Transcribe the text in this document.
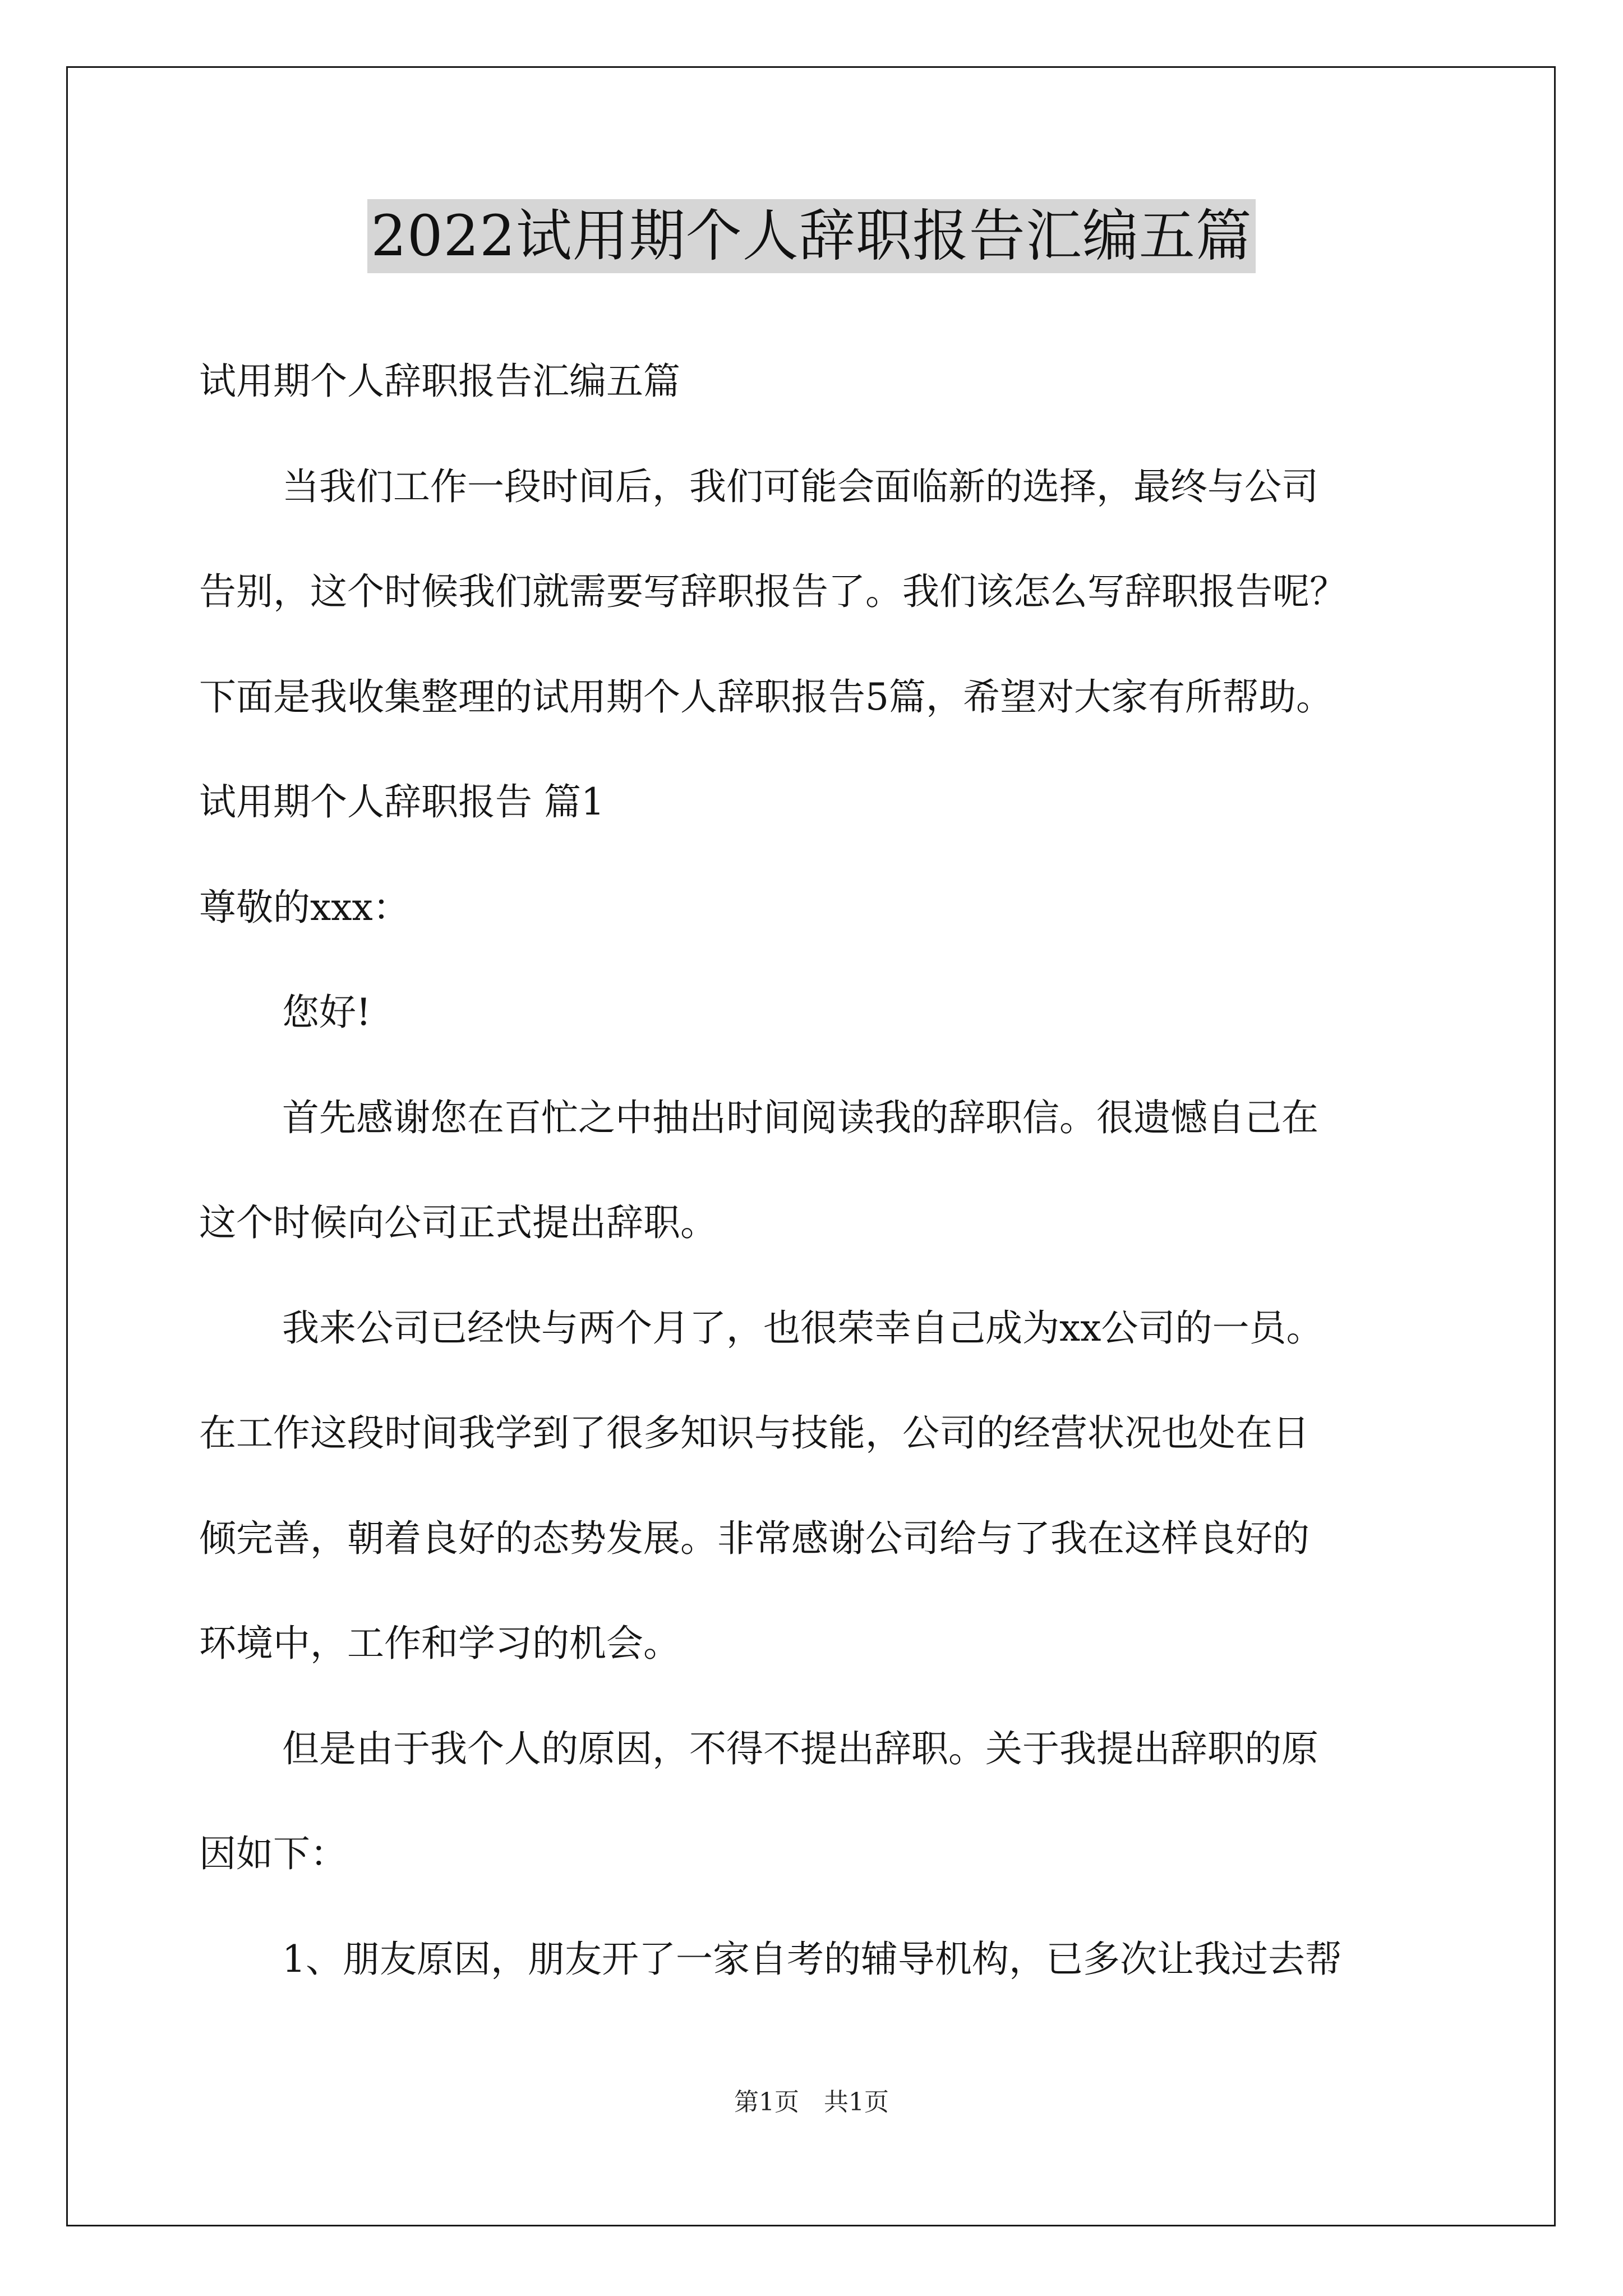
2022试用期个人辞职报告汇编五篇
试用期个人辞职报告汇编五篇
当我们工作一段时间后，我们可能会面临新的选择，最终与公司
告别，这个时候我们就需要写辞职报告了。我们该怎么写辞职报告呢？
下面是我收集整理的试用期个人辞职报告5篇，希望对大家有所帮助。
试用期个人辞职报告 篇1
尊敬的xxx：
您好!
首先感谢您在百忙之中抽出时间阅读我的辞职信。很遗憾自己在
这个时候向公司正式提出辞职。
我来公司已经快与两个月了，也很荣幸自己成为xx公司的一员。
在工作这段时间我学到了很多知识与技能，公司的经营状况也处在日
倾完善，朝着良好的态势发展。非常感谢公司给与了我在这样良好的
环境中，工作和学习的机会。
但是由于我个人的原因，不得不提出辞职。关于我提出辞职的原
因如下：
1、朋友原因，朋友开了一家自考的辅导机构，已多次让我过去帮
第1页　共1页
